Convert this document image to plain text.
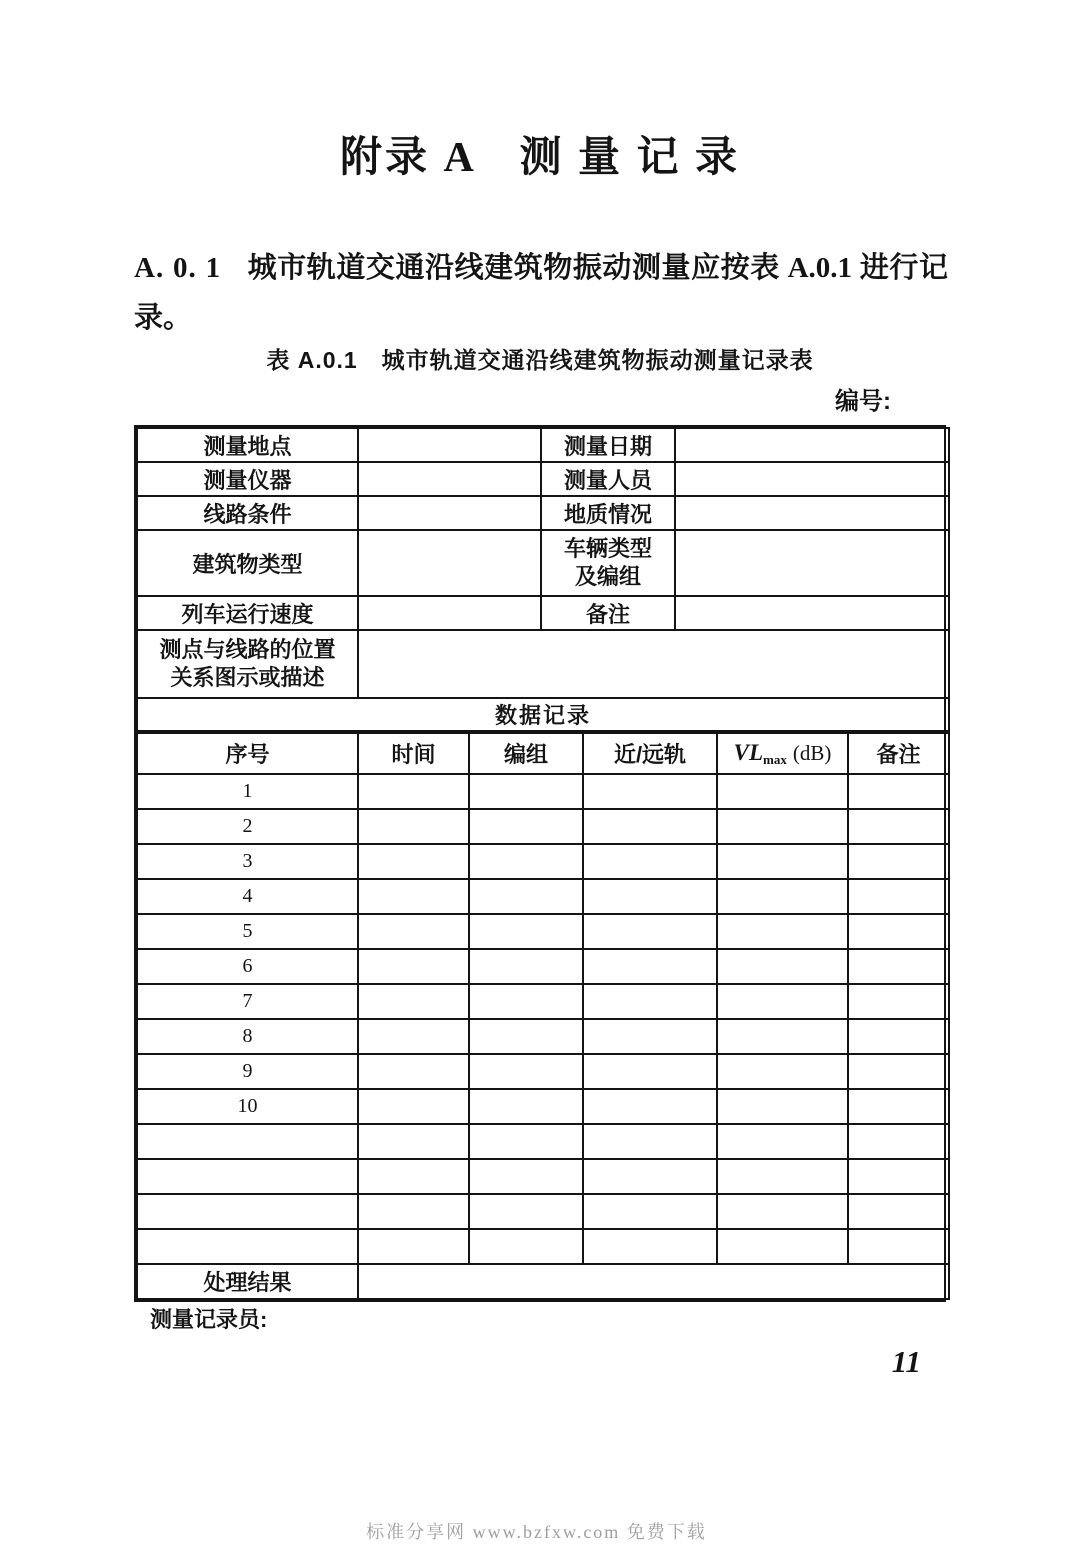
附录 A　测 量 记 录
A. 0. 1 城市轨道交通沿线建筑物振动测量应按表 A.0.1 进行记录。
表 A.0.1　城市轨道交通沿线建筑物振动测量记录表
编号:
测量地点		测量日期	
测量仪器		测量人员	
线路条件		地质情况	
建筑物类型		车辆类型
及编组	

列车运行速度		备注	

测点与线路的位置
关系图示或描述			

数据记录			
序号	时间	编组	近/远轨	$VL_{max}$ (dB)	备注
1					
2					
3					
4					
5					
6					
7					
8					
9					
10					

处理结果					
测量记录员:
11
标准分享网 www.bzfxw.com 免费下载
